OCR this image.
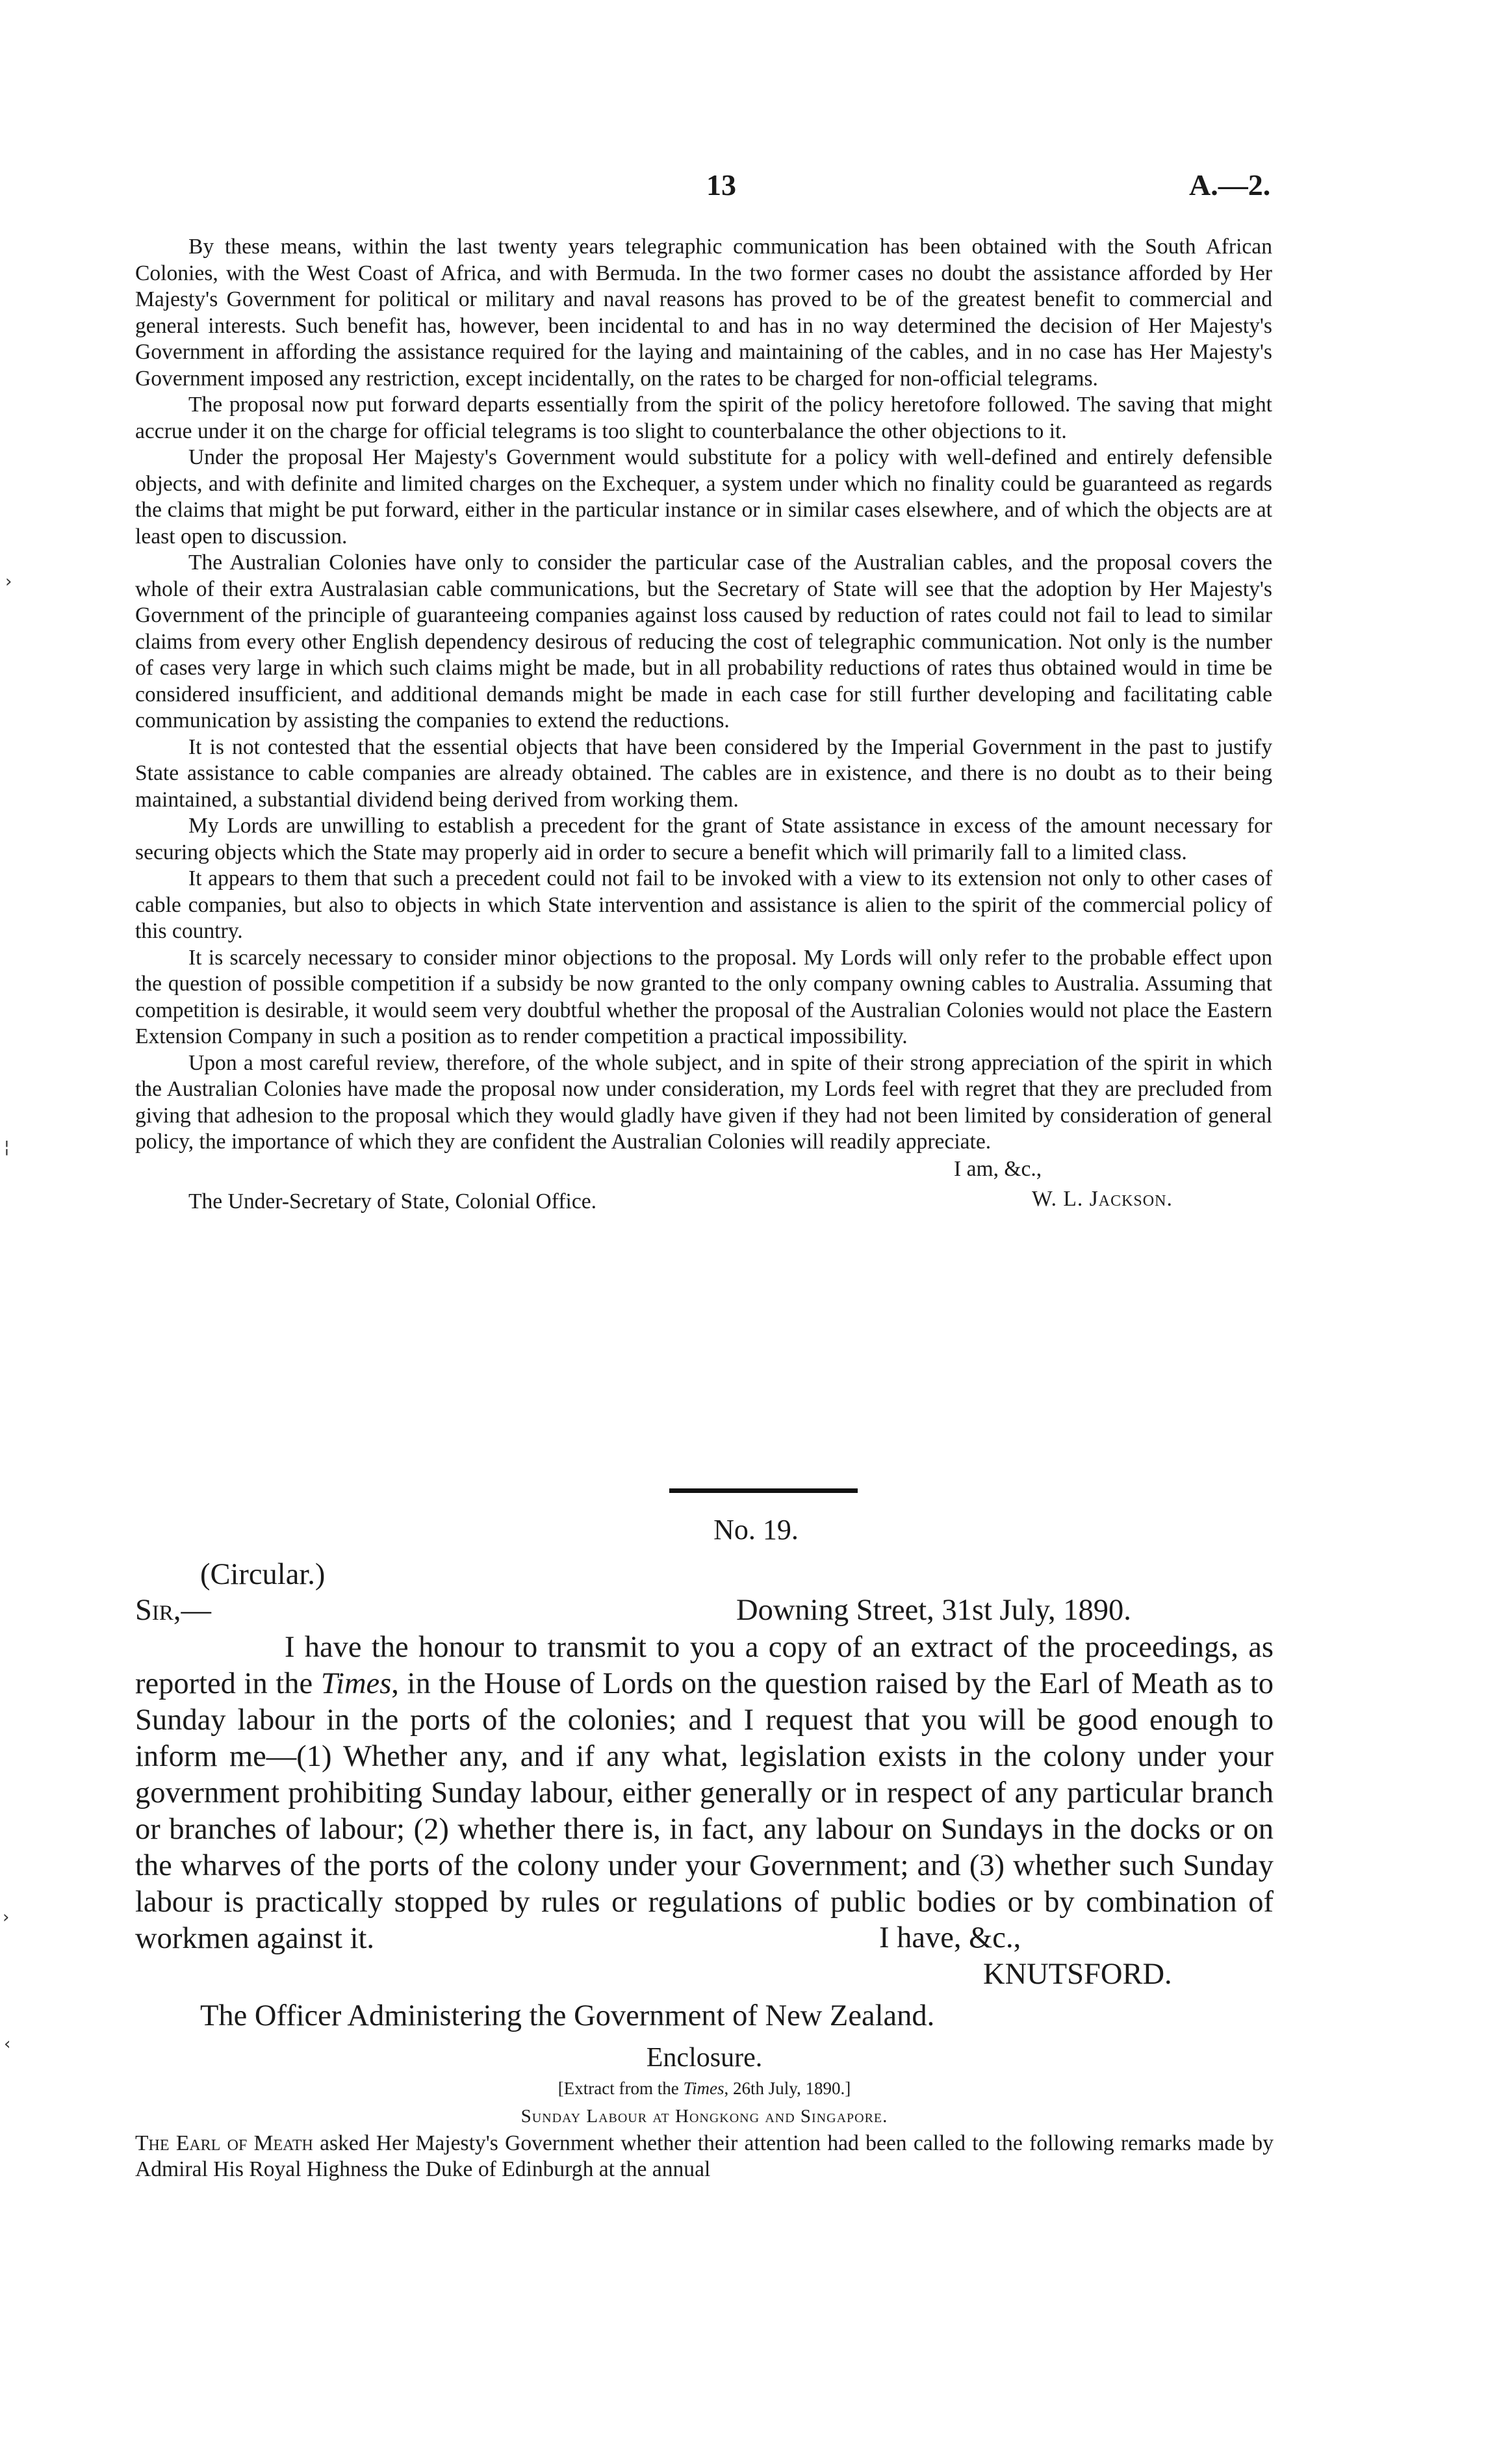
13	A.—2.
›
¦
›
‹

By these means, within the last twenty years telegraphic communication has been obtained with the South African Colonies, with the West Coast of Africa, and with Bermuda. In the two former cases no doubt the assistance afforded by Her Majesty's Government for political or military and naval reasons has proved to be of the greatest benefit to commercial and general interests. Such benefit has, however, been incidental to and has in no way determined the decision of Her Majesty's Government in affording the assistance required for the laying and maintaining of the cables, and in no case has Her Majesty's Government imposed any restriction, except incidentally, on the rates to be charged for non-official telegrams.

The proposal now put forward departs essentially from the spirit of the policy heretofore followed. The saving that might accrue under it on the charge for official telegrams is too slight to counterbalance the other objections to it.

Under the proposal Her Majesty's Government would substitute for a policy with well-defined and entirely defensible objects, and with definite and limited charges on the Exchequer, a system under which no finality could be guaranteed as regards the claims that might be put forward, either in the particular instance or in similar cases elsewhere, and of which the objects are at least open to discussion.

The Australian Colonies have only to consider the particular case of the Australian cables, and the proposal covers the whole of their extra Australasian cable communications, but the Secretary of State will see that the adoption by Her Majesty's Government of the principle of guaranteeing companies against loss caused by reduction of rates could not fail to lead to similar claims from every other English dependency desirous of reducing the cost of telegraphic communication. Not only is the number of cases very large in which such claims might be made, but in all probability reductions of rates thus obtained would in time be considered insufficient, and additional demands might be made in each case for still further developing and facilitating cable communication by assisting the companies to extend the reductions.

It is not contested that the essential objects that have been considered by the Imperial Government in the past to justify State assistance to cable companies are already obtained. The cables are in existence, and there is no doubt as to their being maintained, a substantial dividend being derived from working them.

My Lords are unwilling to establish a precedent for the grant of State assistance in excess of the amount necessary for securing objects which the State may properly aid in order to secure a benefit which will primarily fall to a limited class.

It appears to them that such a precedent could not fail to be invoked with a view to its extension not only to other cases of cable companies, but also to objects in which State intervention and assistance is alien to the spirit of the commercial policy of this country.

It is scarcely necessary to consider minor objections to the proposal. My Lords will only refer to the probable effect upon the question of possible competition if a subsidy be now granted to the only company owning cables to Australia. Assuming that competition is desirable, it would seem very doubtful whether the proposal of the Australian Colonies would not place the Eastern Extension Company in such a position as to render competition a practical impossibility.

Upon a most careful review, therefore, of the whole subject, and in spite of their strong appreciation of the spirit in which the Australian Colonies have made the proposal now under consideration, my Lords feel with regret that they are precluded from giving that adhesion to the proposal which they would gladly have given if they had not been limited by consideration of general policy, the importance of which they are confident the Australian Colonies will readily appreciate.

I am, &c.,
The Under-Secretary of State, Colonial Office.	W. L. Jackson.
No. 19.
(Circular.)
Sir,—	Downing Street, 31st July, 1890.

I have the honour to transmit to you a copy of an extract of the proceedings, as reported in the Times, in the House of Lords on the question raised by the Earl of Meath as to Sunday labour in the ports of the colonies; and I request that you will be good enough to inform me—(1) Whether any, and if any what, legislation exists in the colony under your government prohibiting Sunday labour, either generally or in respect of any particular branch or branches of labour; (2) whether there is, in fact, any labour on Sundays in the docks or on the wharves of the ports of the colony under your Government; and (3) whether such Sunday labour is practically stopped by rules or regulations of public bodies or by combination of workmen against it.	I have, &c.,
KNUTSFORD.
The Officer Administering the Government of New Zealand.
Enclosure.
[Extract from the Times, 26th July, 1890.]
Sunday Labour at Hongkong and Singapore.

The Earl of Meath asked Her Majesty's Government whether their attention had been called to the following remarks made by Admiral His Royal Highness the Duke of Edinburgh at the annual
